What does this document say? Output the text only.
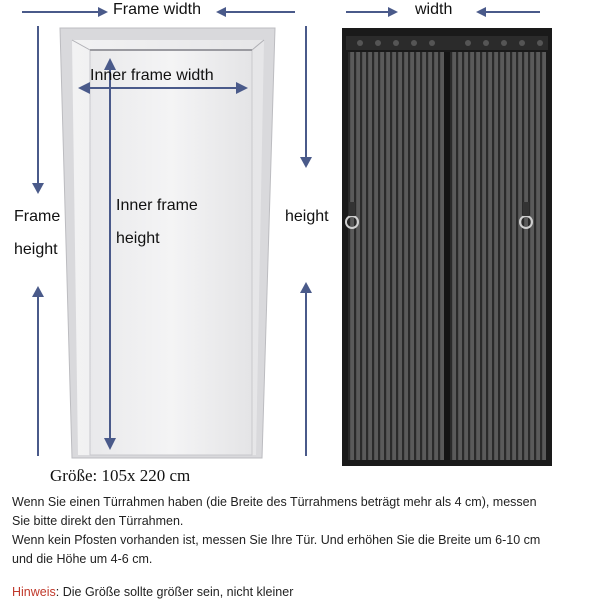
Frame width	width
Inner frame width
Frame
height
Inner frame
height
height
Größe: 105x 220 cm
Wenn Sie einen Türrahmen haben (die Breite des Türrahmens beträgt mehr als 4 cm), messen
Sie bitte direkt den Türrahmen.
Wenn kein Pfosten vorhanden ist, messen Sie Ihre Tür. Und erhöhen Sie die Breite um 6-10 cm
und die Höhe um 4-6 cm.
Hinweis: Die Größe sollte größer sein, nicht kleiner
